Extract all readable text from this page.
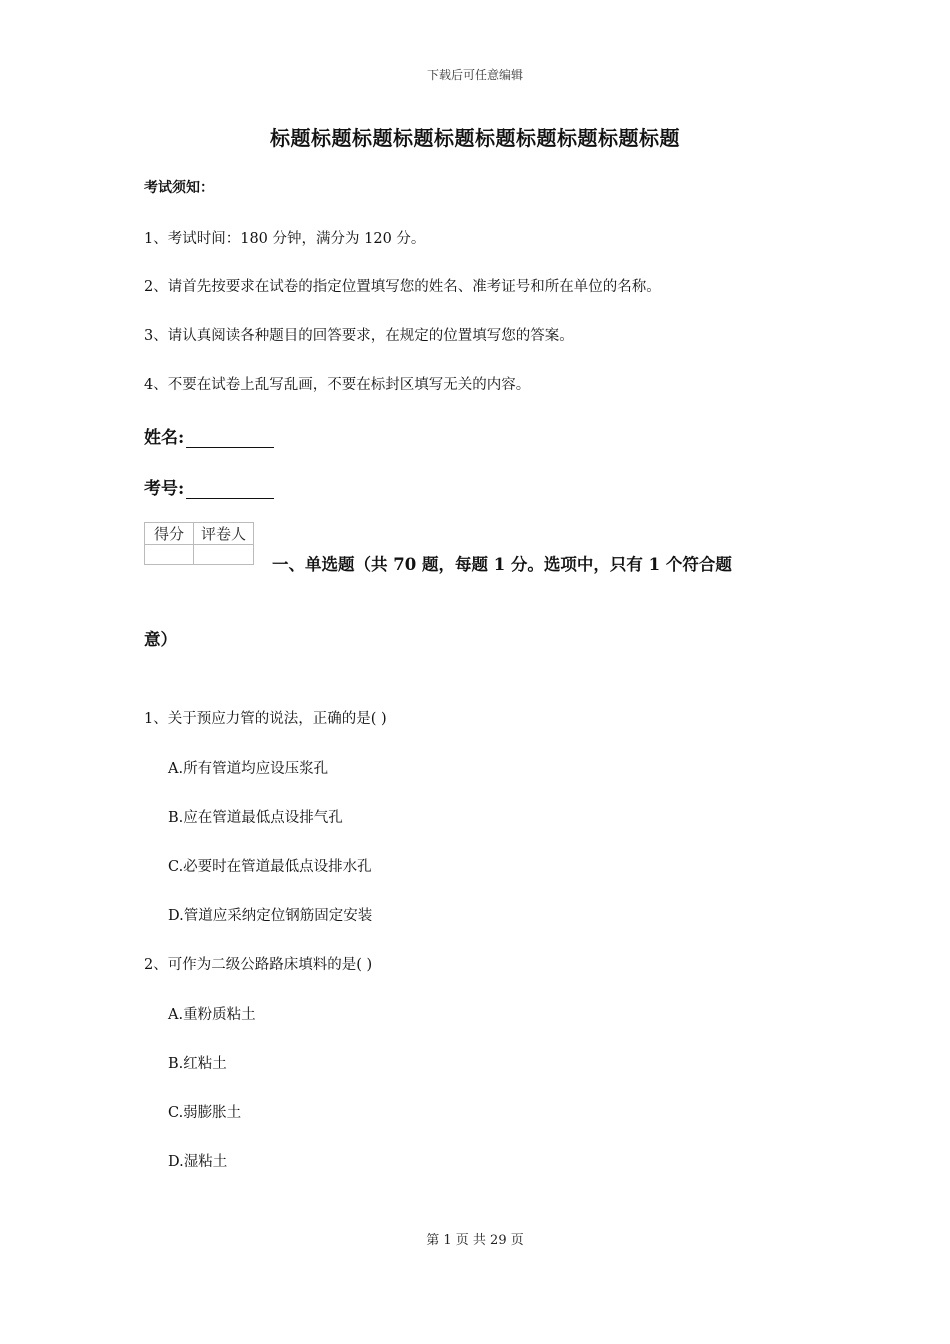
下载后可任意编辑
标题标题标题标题标题标题标题标题标题标题
考试须知：
1、考试时间：180 分钟，满分为 120 分。
2、请首先按要求在试卷的指定位置填写您的姓名、准考证号和所在单位的名称。
3、请认真阅读各种题目的回答要求，在规定的位置填写您的答案。
4、不要在试卷上乱写乱画，不要在标封区填写无关的内容。
姓名:
考号:
得分	评卷人

一、单选题（共 70 题，每题 1 分。选项中，只有 1 个符合题
意）
1、关于预应力管的说法，正确的是( )
A.所有管道均应设压浆孔
B.应在管道最低点设排气孔
C.必要时在管道最低点设排水孔
D.管道应采纳定位钢筋固定安装
2、可作为二级公路路床填料的是( )
A.重粉质粘土
B.红粘土
C.弱膨胀土
D.湿粘土
第 1 页 共 29 页
